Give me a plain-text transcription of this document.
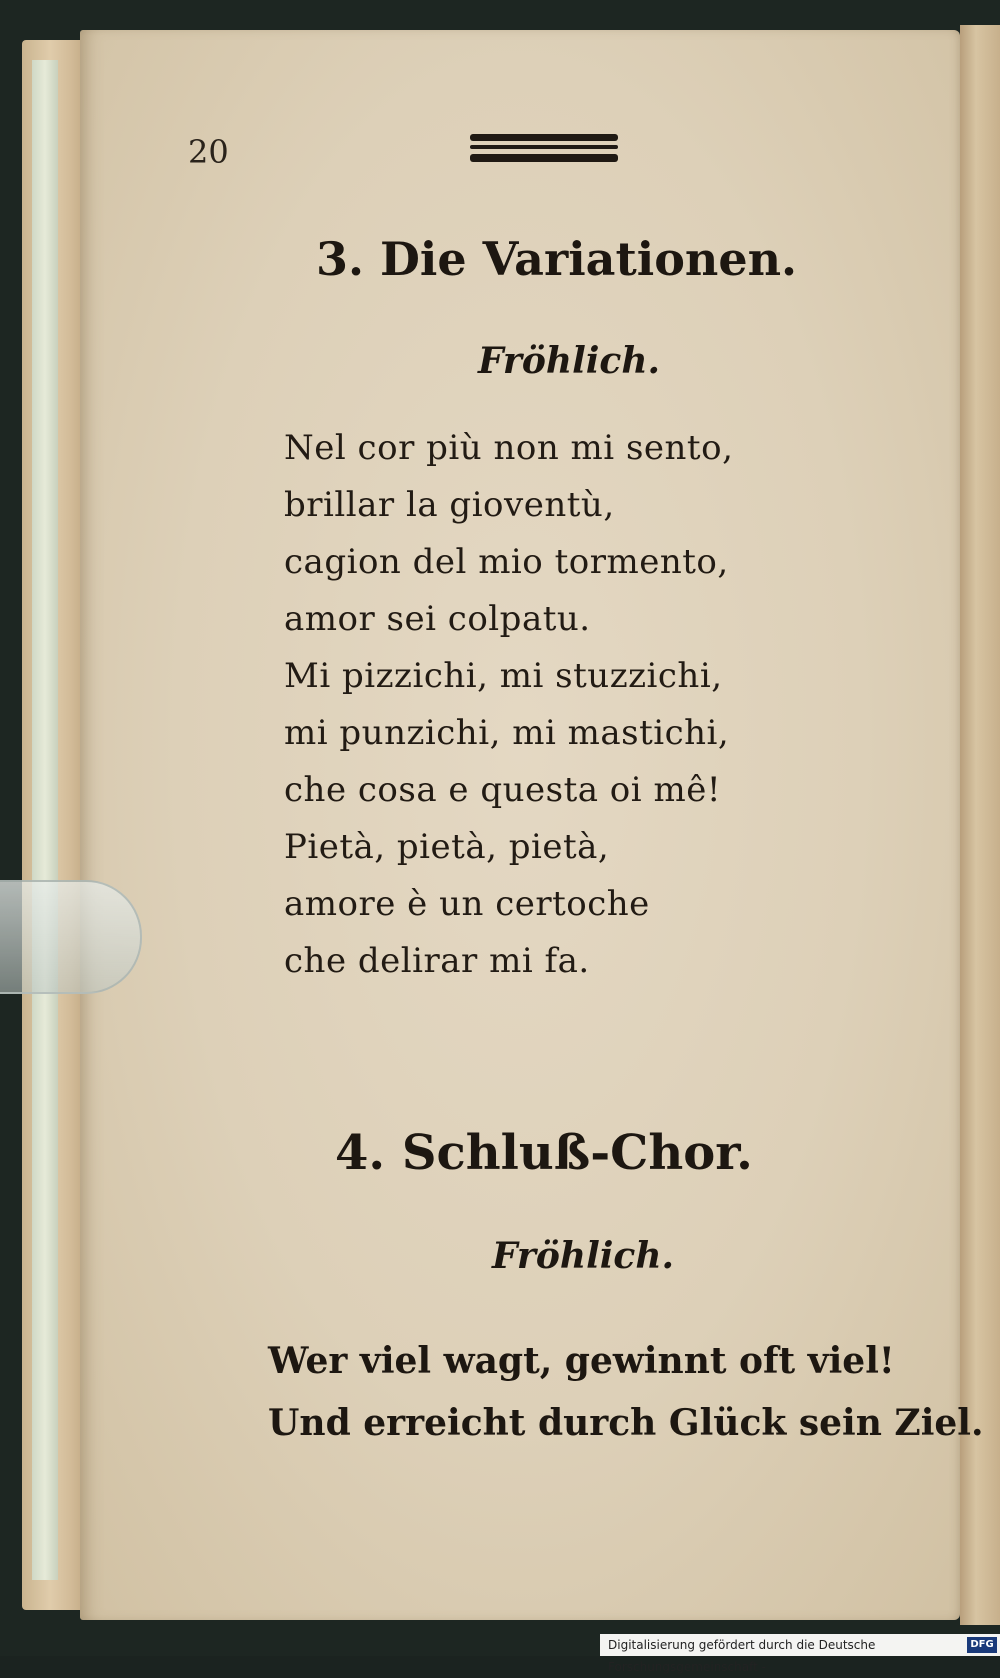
20
3. Die Variationen.
Fröhlich.
Nel cor più non mi sento,
brillar la gioventù,
cagion del mio tormento,
amor sei colpatu.
Mi pizzichi, mi stuzzichi,
mi punzichi, mi mastichi,
che cosa e questa oi mê!
Pietà, pietà, pietà,
amore è un certoche
che delirar mi fa.
4. Schluß-Chor.
Fröhlich.
Wer viel wagt, gewinnt oft viel!
Und erreicht durch Glück sein Ziel.
Digitalisierung gefördert durch die Deutsche Forschungsgemeinschaft -
DFG
